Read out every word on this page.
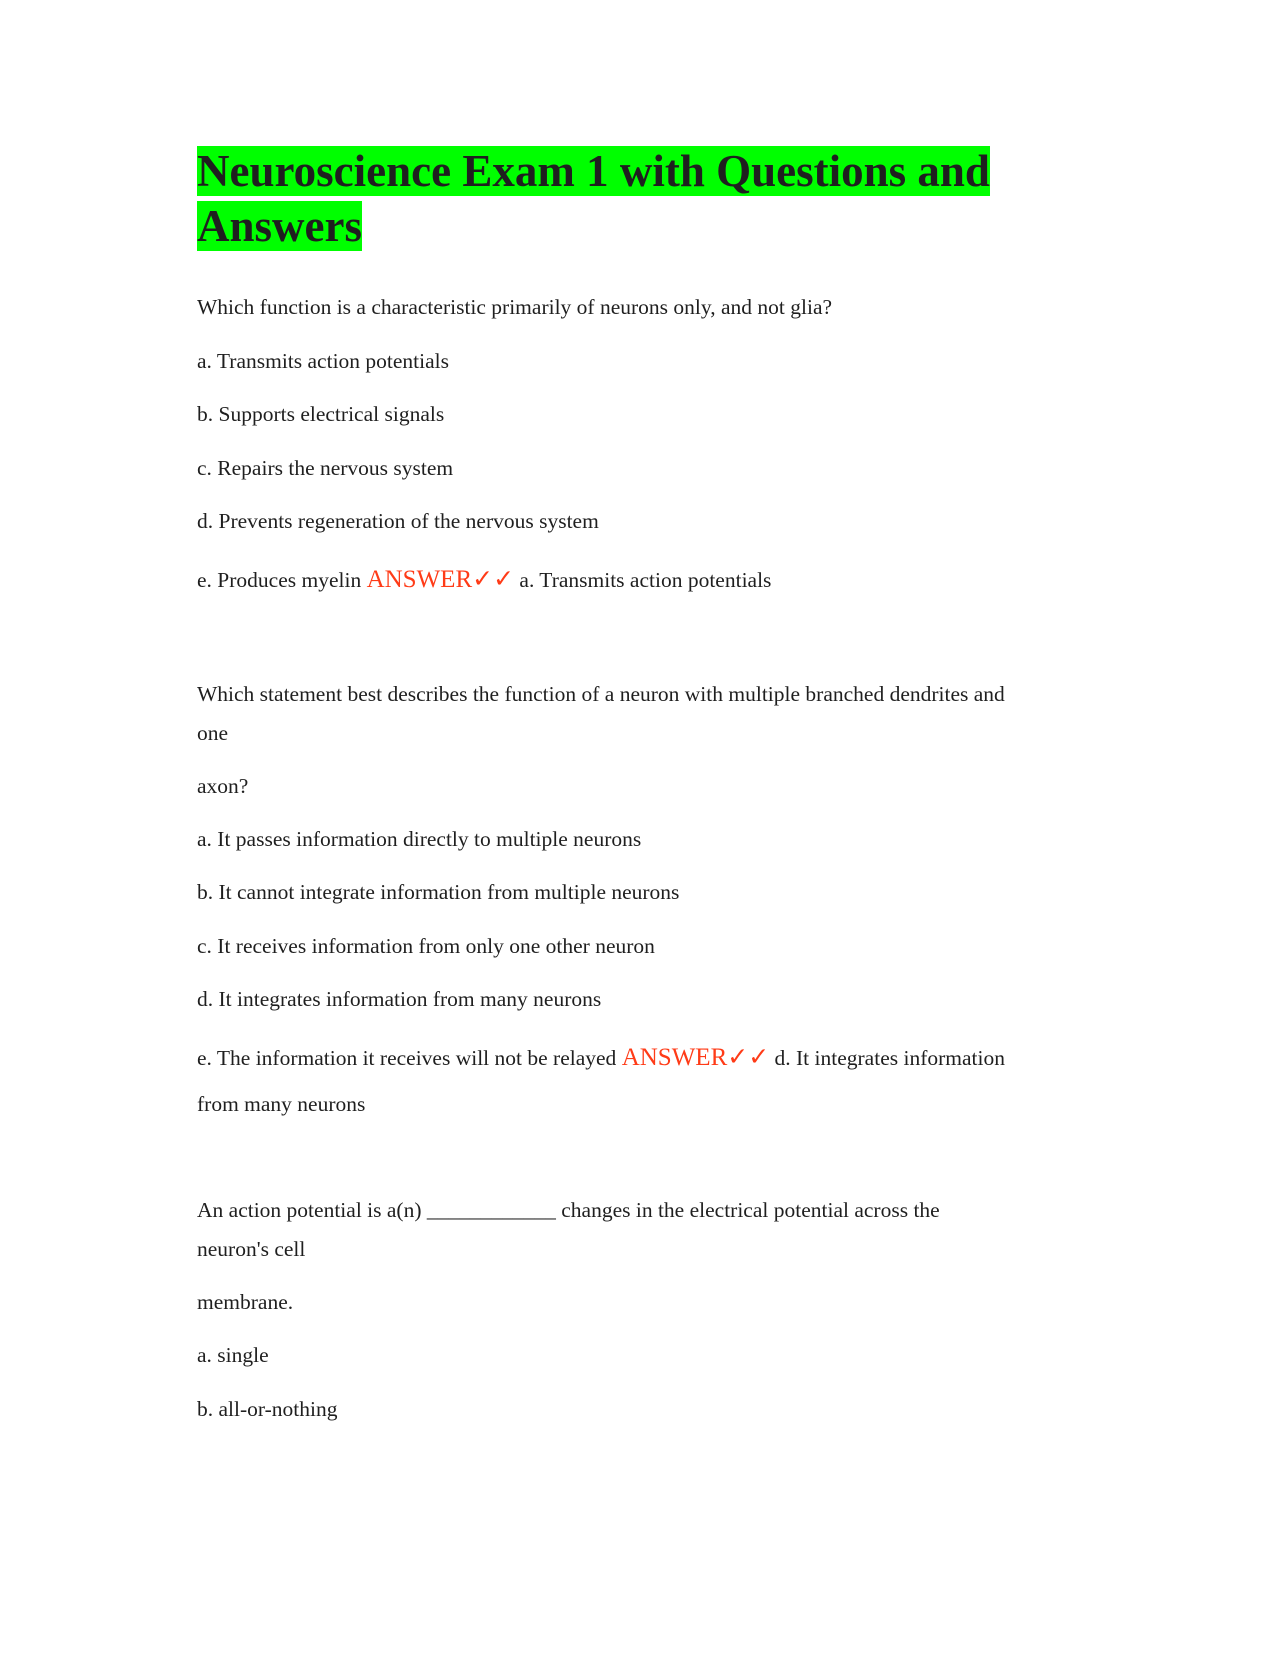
Neuroscience Exam 1 with Questions and Answers

Which function is a characteristic primarily of neurons only, and not glia?

a. Transmits action potentials

b. Supports electrical signals

c. Repairs the nervous system

d. Prevents regeneration of the nervous system

e. Produces myelin ANSWER✓✓ a. Transmits action potentials

Which statement best describes the function of a neuron with multiple branched dendrites and

one

axon?

a. It passes information directly to multiple neurons

b. It cannot integrate information from multiple neurons

c. It receives information from only one other neuron

d. It integrates information from many neurons

e. The information it receives will not be relayed ANSWER✓✓ d. It integrates information

from many neurons

An action potential is a(n) ____________ changes in the electrical potential across the

neuron's cell

membrane.

a. single

b. all-or-nothing
